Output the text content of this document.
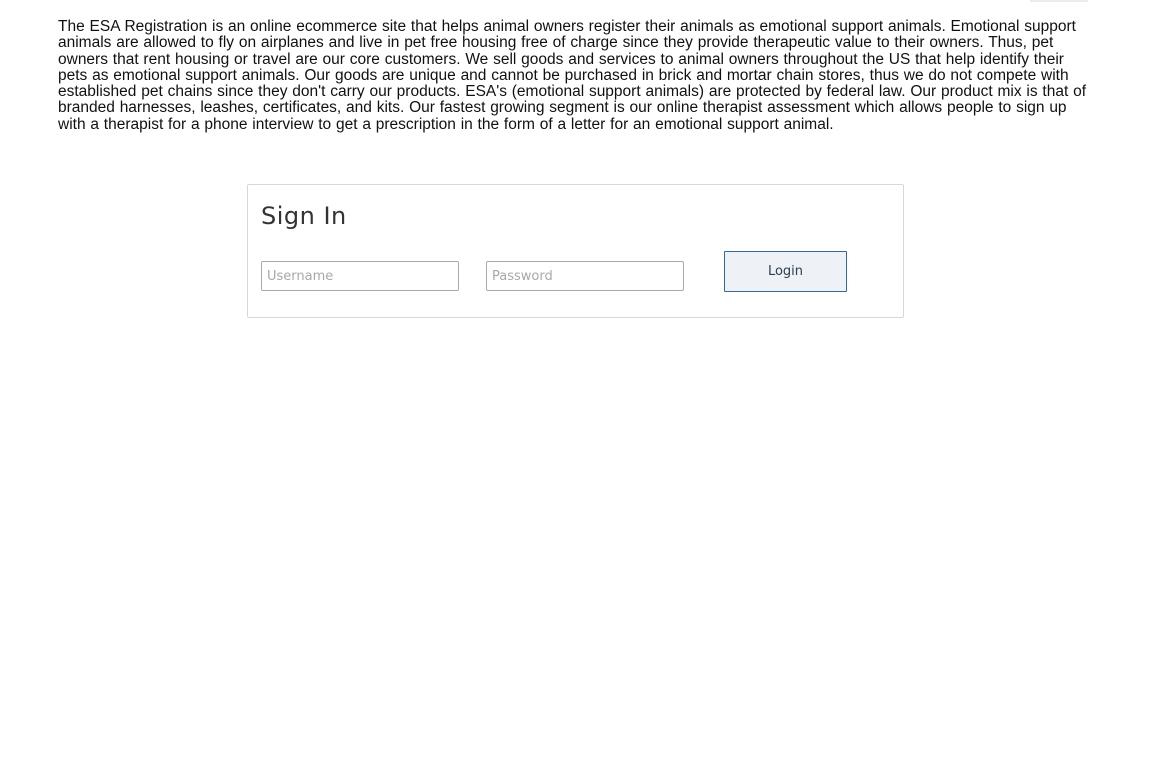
The ESA Registration is an online ecommerce site that helps animal owners register their animals as emotional support animals. Emotional support animals are allowed to fly on airplanes and live in pet free housing free of charge since they provide therapeutic value to their owners. Thus, pet owners that rent housing or travel are our core customers. We sell goods and services to animal owners throughout the US that help identify their pets as emotional support animals. Our goods are unique and cannot be purchased in brick and mortar chain stores, thus we do not compete with established pet chains since they don't carry our products. ESA's (emotional support animals) are protected by federal law. Our product mix is that of branded harnesses, leashes, certificates, and kits. Our fastest growing segment is our online therapist assessment which allows people to sign up with a therapist for a phone interview to get a prescription in the form of a letter for an emotional support animal.

Sign In
Username
Login
